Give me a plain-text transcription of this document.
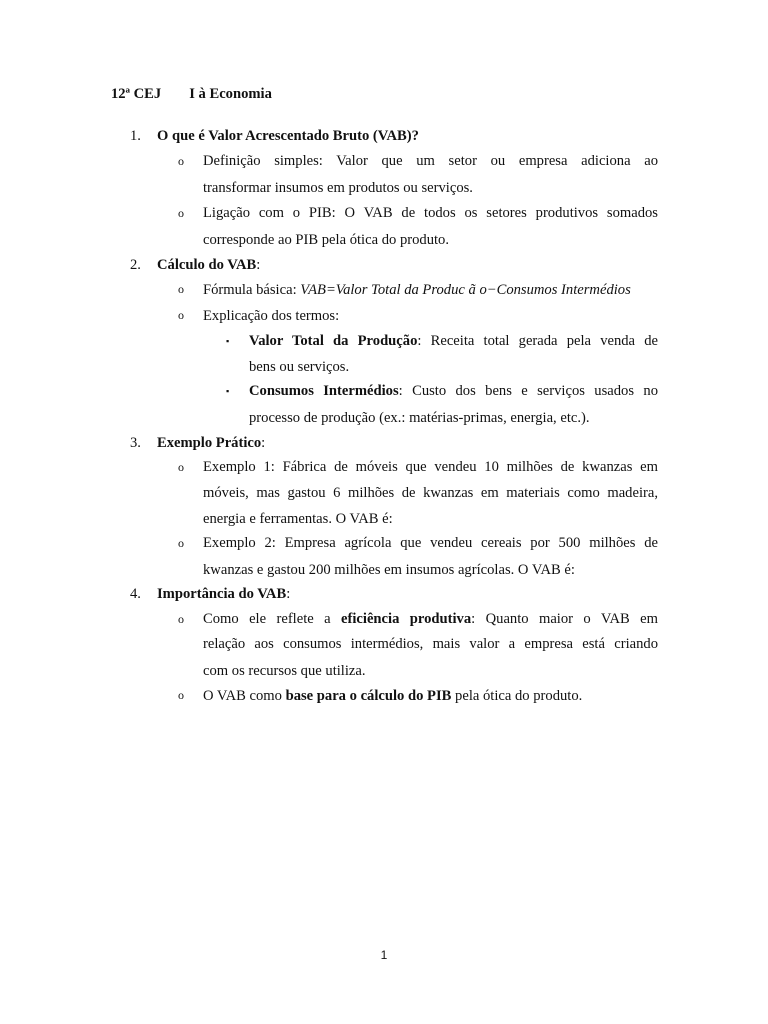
12ª CEJ I à Economia
1. O que é Valor Acrescentado Bruto (VAB)?
o Definição simples: Valor que um setor ou empresa adiciona ao
transformar insumos em produtos ou serviços.
o Ligação com o PIB: O VAB de todos os setores produtivos somados
corresponde ao PIB pela ótica do produto.
2. Cálculo do VAB:
o Fórmula básica: VAB=Valor Total da Produc ã o−Consumos Intermédios
o Explicação dos termos:
▪ Valor Total da Produção: Receita total gerada pela venda de
bens ou serviços.
▪ Consumos Intermédios: Custo dos bens e serviços usados no
processo de produção (ex.: matérias-primas, energia, etc.).
3. Exemplo Prático:
o Exemplo 1: Fábrica de móveis que vendeu 10 milhões de kwanzas em
móveis, mas gastou 6 milhões de kwanzas em materiais como madeira,
energia e ferramentas. O VAB é:
o Exemplo 2: Empresa agrícola que vendeu cereais por 500 milhões de
kwanzas e gastou 200 milhões em insumos agrícolas. O VAB é:
4. Importância do VAB:
o Como ele reflete a eficiência produtiva: Quanto maior o VAB em
relação aos consumos intermédios, mais valor a empresa está criando
com os recursos que utiliza.
o O VAB como base para o cálculo do PIB pela ótica do produto.
1
